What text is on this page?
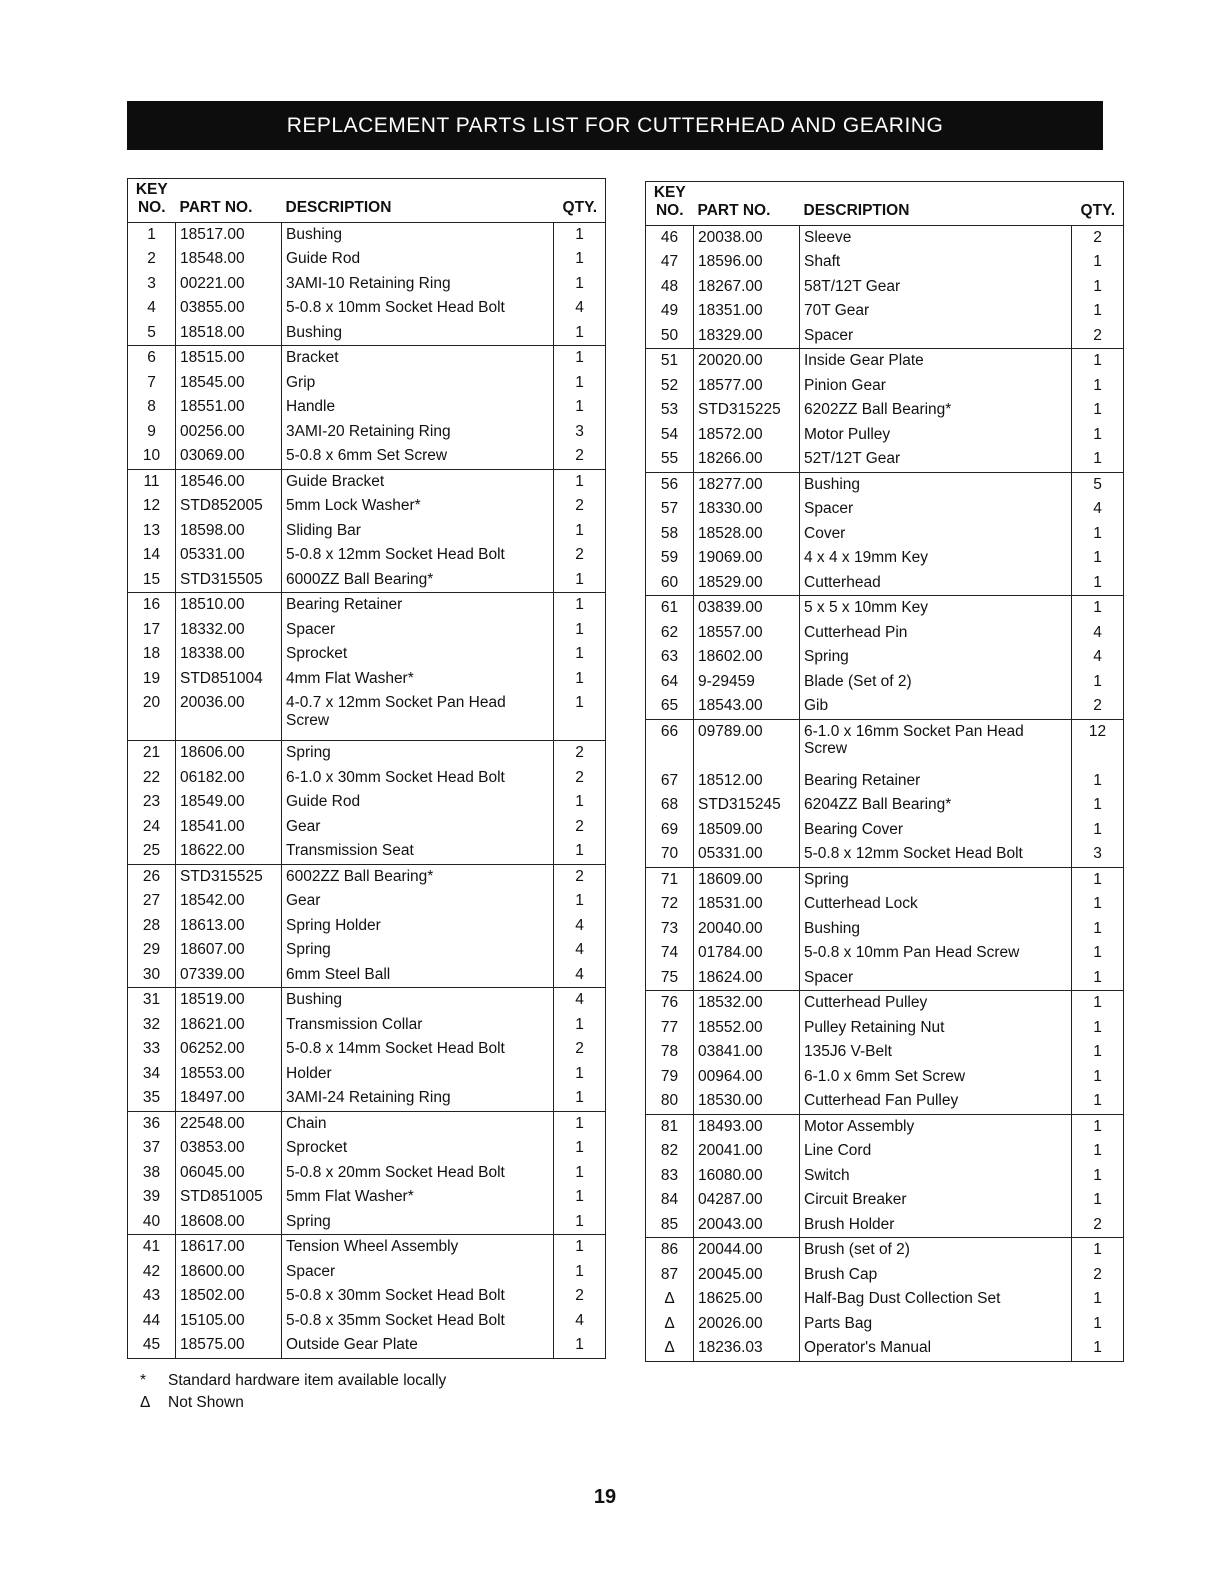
REPLACEMENT PARTS LIST FOR CUTTERHEAD AND GEARING
KEY
NO.	PART NO.	DESCRIPTION	QTY.
1	18517.00	Bushing	1
2	18548.00	Guide Rod	1
3	00221.00	3AMI-10 Retaining Ring	1
4	03855.00	5-0.8 x 10mm Socket Head Bolt	4
5	18518.00	Bushing	1
6	18515.00	Bracket	1
7	18545.00	Grip	1
8	18551.00	Handle	1
9	00256.00	3AMI-20 Retaining Ring	3
10	03069.00	5-0.8 x 6mm Set Screw	2
11	18546.00	Guide Bracket	1
12	STD852005	5mm Lock Washer*	2
13	18598.00	Sliding Bar	1
14	05331.00	5-0.8 x 12mm Socket Head Bolt	2
15	STD315505	6000ZZ Ball Bearing*	1
16	18510.00	Bearing Retainer	1
17	18332.00	Spacer	1
18	18338.00	Sprocket	1
19	STD851004	4mm Flat Washer*	1
20	20036.00	4-0.7 x 12mm Socket Pan Head Screw	1
21	18606.00	Spring	2
22	06182.00	6-1.0 x 30mm Socket Head Bolt	2
23	18549.00	Guide Rod	1
24	18541.00	Gear	2
25	18622.00	Transmission Seat	1
26	STD315525	6002ZZ Ball Bearing*	2
27	18542.00	Gear	1
28	18613.00	Spring Holder	4
29	18607.00	Spring	4
30	07339.00	6mm Steel Ball	4
31	18519.00	Bushing	4
32	18621.00	Transmission Collar	1
33	06252.00	5-0.8 x 14mm Socket Head Bolt	2
34	18553.00	Holder	1
35	18497.00	3AMI-24 Retaining Ring	1
36	22548.00	Chain	1
37	03853.00	Sprocket	1
38	06045.00	5-0.8 x 20mm Socket Head Bolt	1
39	STD851005	5mm Flat Washer*	1
40	18608.00	Spring	1
41	18617.00	Tension Wheel Assembly	1
42	18600.00	Spacer	1
43	18502.00	5-0.8 x 30mm Socket Head Bolt	2
44	15105.00	5-0.8 x 35mm Socket Head Bolt	4
45	18575.00	Outside Gear Plate	1
KEY
NO.	PART NO.	DESCRIPTION	QTY.
46	20038.00	Sleeve	2
47	18596.00	Shaft	1
48	18267.00	58T/12T Gear	1
49	18351.00	70T Gear	1
50	18329.00	Spacer	2
51	20020.00	Inside Gear Plate	1
52	18577.00	Pinion Gear	1
53	STD315225	6202ZZ Ball Bearing*	1
54	18572.00	Motor Pulley	1
55	18266.00	52T/12T Gear	1
56	18277.00	Bushing	5
57	18330.00	Spacer	4
58	18528.00	Cover	1
59	19069.00	4 x 4 x 19mm Key	1
60	18529.00	Cutterhead	1
61	03839.00	5 x 5 x 10mm Key	1
62	18557.00	Cutterhead Pin	4
63	18602.00	Spring	4
64	9-29459	Blade (Set of 2)	1
65	18543.00	Gib	2
66	09789.00	6-1.0 x 16mm Socket Pan Head Screw	12
67	18512.00	Bearing Retainer	1
68	STD315245	6204ZZ Ball Bearing*	1
69	18509.00	Bearing Cover	1
70	05331.00	5-0.8 x 12mm Socket Head Bolt	3
71	18609.00	Spring	1
72	18531.00	Cutterhead Lock	1
73	20040.00	Bushing	1
74	01784.00	5-0.8 x 10mm Pan Head Screw	1
75	18624.00	Spacer	1
76	18532.00	Cutterhead Pulley	1
77	18552.00	Pulley Retaining Nut	1
78	03841.00	135J6 V-Belt	1
79	00964.00	6-1.0 x 6mm Set Screw	1
80	18530.00	Cutterhead Fan Pulley	1
81	18493.00	Motor Assembly	1
82	20041.00	Line Cord	1
83	16080.00	Switch	1
84	04287.00	Circuit Breaker	1
85	20043.00	Brush Holder	2
86	20044.00	Brush (set of 2)	1
87	20045.00	Brush Cap	2
Δ	18625.00	Half-Bag Dust Collection Set	1
Δ	20026.00	Parts Bag	1
Δ	18236.03	Operator's Manual	1
* Standard hardware item available locally
Δ Not Shown
19
